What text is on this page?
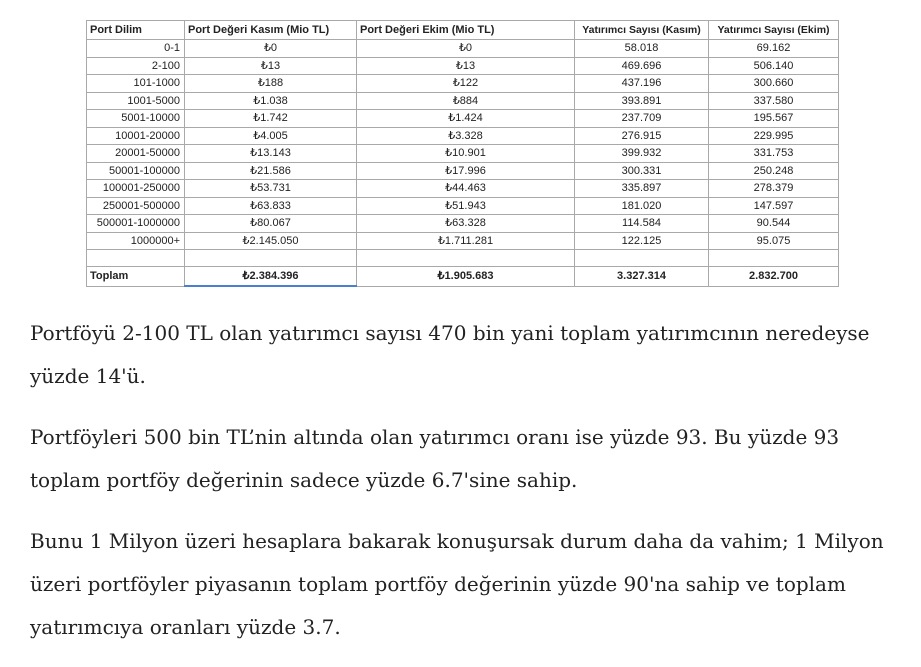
Port Dilim	Port Değeri Kasım (Mio TL)	Port Değeri Ekim (Mio TL)	Yatırımcı Sayısı (Kasım)	Yatırımcı Sayısı (Ekim)
0-1	₺0	₺0	58.018	69.162
2-100	₺13	₺13	469.696	506.140
101-1000	₺188	₺122	437.196	300.660
1001-5000	₺1.038	₺884	393.891	337.580
5001-10000	₺1.742	₺1.424	237.709	195.567
10001-20000	₺4.005	₺3.328	276.915	229.995
20001-50000	₺13.143	₺10.901	399.932	331.753
50001-100000	₺21.586	₺17.996	300.331	250.248
100001-250000	₺53.731	₺44.463	335.897	278.379
250001-500000	₺63.833	₺51.943	181.020	147.597
500001-1000000	₺80.067	₺63.328	114.584	90.544
1000000+	₺2.145.050	₺1.711.281	122.125	95.075

Toplam	₺2.384.396	₺1.905.683	3.327.314	2.832.700

Portföyü 2-100 TL olan yatırımcı sayısı 470 bin yani toplam yatırımcının neredeyse yüzde 14'ü.

Portföyleri 500 bin TL’nin altında olan yatırımcı oranı ise yüzde 93. Bu yüzde 93 toplam portföy değerinin sadece yüzde 6.7'sine sahip.

Bunu 1 Milyon üzeri hesaplara bakarak konuşursak durum daha da vahim; 1 Milyon üzeri portföyler piyasanın toplam portföy değerinin yüzde 90'na sahip ve toplam yatırımcıya oranları yüzde 3.7.
